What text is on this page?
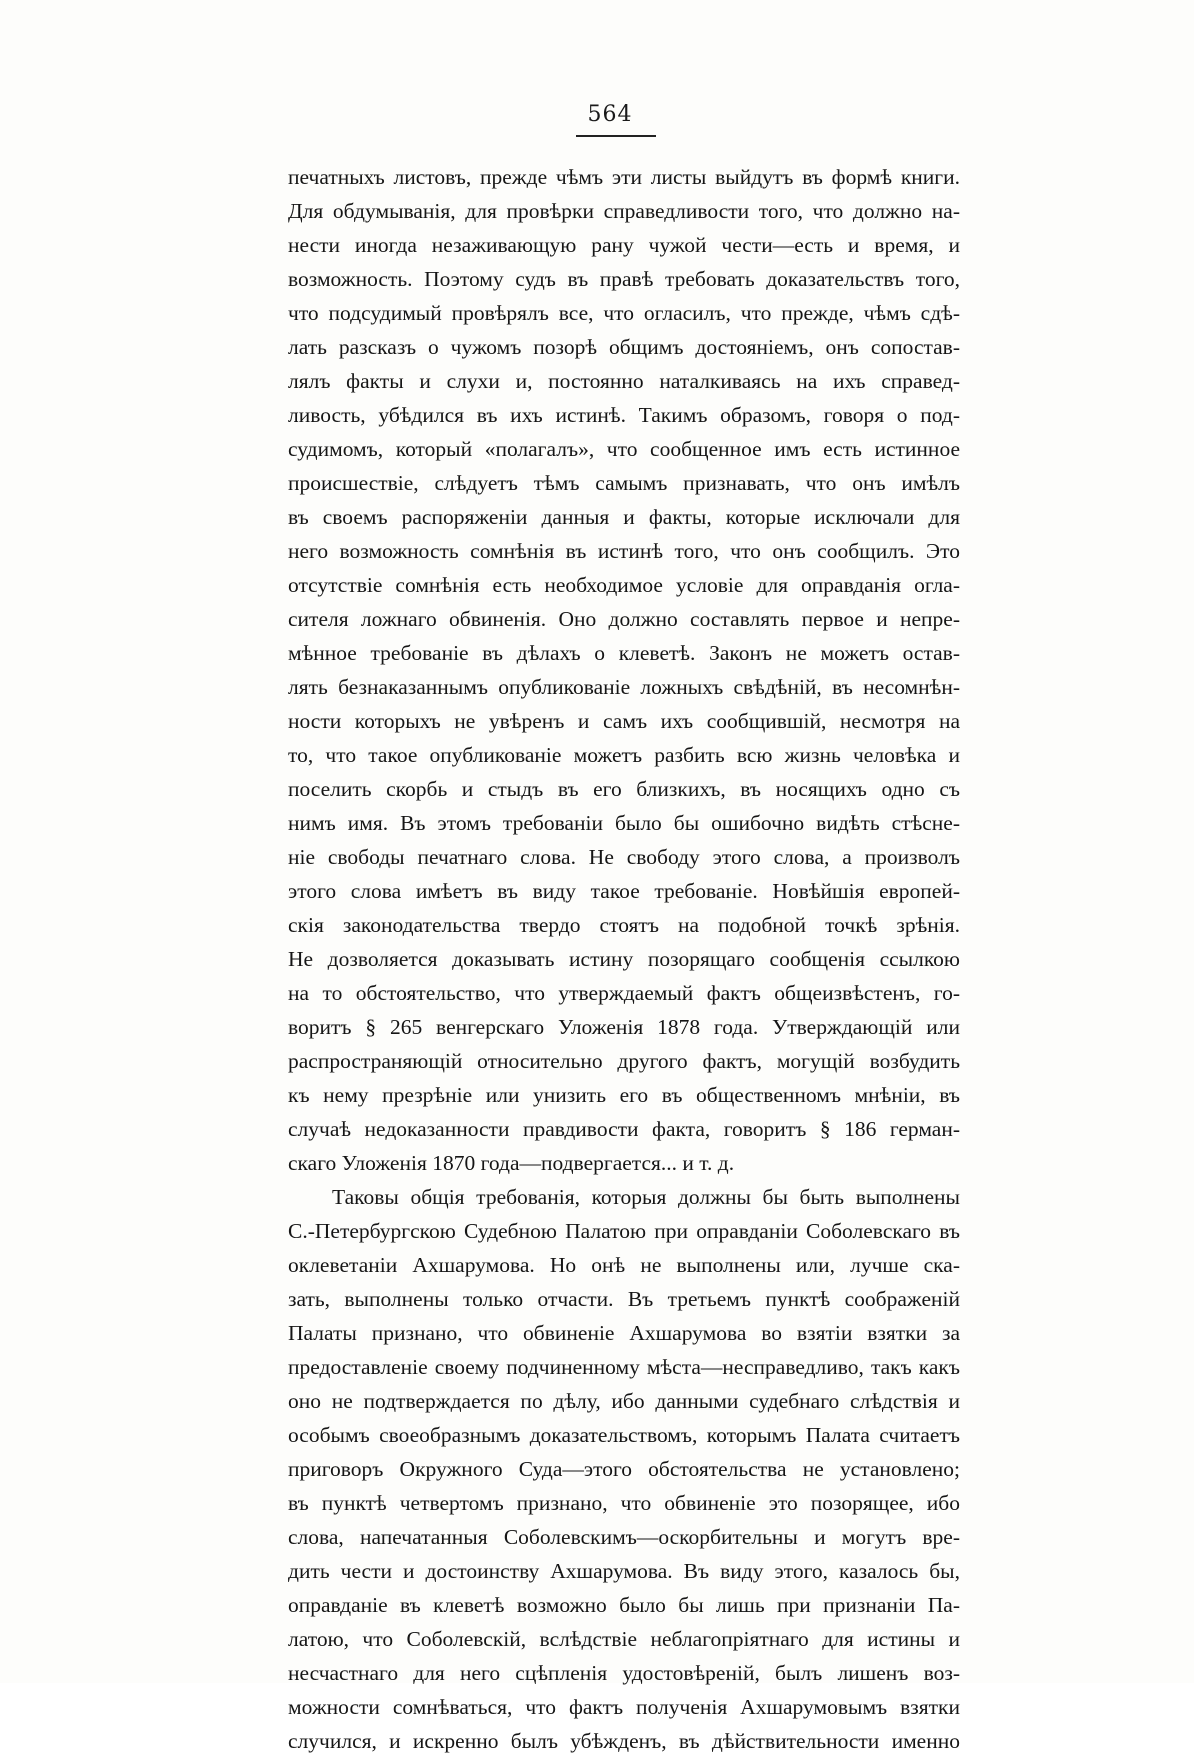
564
печатныхъ листовъ, прежде чѣмъ эти листы выйдутъ въ формѣ книги.
Для обдумыванія, для провѣрки справедливости того, что должно на-
нести иногда незаживающую рану чужой чести—есть и время, и
возможность. Поэтому судъ въ правѣ требовать доказательствъ того,
что подсудимый провѣрялъ все, что огласилъ, что прежде, чѣмъ сдѣ-
лать разсказъ о чужомъ позорѣ общимъ достояніемъ, онъ сопостав-
лялъ факты и слухи и, постоянно наталкиваясь на ихъ справед-
ливость, убѣдился въ ихъ истинѣ. Такимъ образомъ, говоря о под-
судимомъ, который «полагалъ», что сообщенное имъ есть истинное
происшествіе, слѣдуетъ тѣмъ самымъ признавать, что онъ имѣлъ
въ своемъ распоряженіи данныя и факты, которые исключали для
него возможность сомнѣнія въ истинѣ того, что онъ сообщилъ. Это
отсутствіе сомнѣнія есть необходимое условіе для оправданія огла-
сителя ложнаго обвиненія. Оно должно составлять первое и непре-
мѣнное требованіе въ дѣлахъ о клеветѣ. Законъ не можетъ остав-
лять безнаказаннымъ опубликованіе ложныхъ свѣдѣній, въ несомнѣн-
ности которыхъ не увѣренъ и самъ ихъ сообщившій, несмотря на
то, что такое опубликованіе можетъ разбить всю жизнь человѣка и
поселить скорбь и стыдъ въ его близкихъ, въ носящихъ одно съ
нимъ имя. Въ этомъ требованіи было бы ошибочно видѣть стѣсне-
ніе свободы печатнаго слова. Не свободу этого слова, а произволъ
этого слова имѣетъ въ виду такое требованіе. Новѣйшія европей-
скія законодательства твердо стоятъ на подобной точкѣ зрѣнія.
Не дозволяется доказывать истину позорящаго сообщенія ссылкою
на то обстоятельство, что утверждаемый фактъ общеизвѣстенъ, го-
воритъ § 265 венгерскаго Уложенія 1878 года. Утверждающій или
распространяющій относительно другого фактъ, могущій возбудить
къ нему презрѣніе или унизить его въ общественномъ мнѣніи, въ
случаѣ недоказанности правдивости факта, говоритъ § 186 герман-
скаго Уложенія 1870 года—подвергается... и т. д.
Таковы общія требованія, которыя должны бы быть выполнены
С.-Петербургскою Судебною Палатою при оправданіи Соболевскаго въ
оклеветаніи Ахшарумова. Но онѣ не выполнены или, лучше ска-
зать, выполнены только отчасти. Въ третьемъ пунктѣ соображеній
Палаты признано, что обвиненіе Ахшарумова во взятіи взятки за
предоставленіе своему подчиненному мѣста—несправедливо, такъ какъ
оно не подтверждается по дѣлу, ибо данными судебнаго слѣдствія и
особымъ своеобразнымъ доказательствомъ, которымъ Палата считаетъ
приговоръ Окружного Суда—этого обстоятельства не установлено;
въ пунктѣ четвертомъ признано, что обвиненіе это позорящее, ибо
слова, напечатанныя Соболевскимъ—оскорбительны и могутъ вре-
дить чести и достоинству Ахшарумова. Въ виду этого, казалось бы,
оправданіе въ клеветѣ возможно было бы лишь при признаніи Па-
латою, что Соболевскій, вслѣдствіе неблагопріятнаго для истины и
несчастнаго для него сцѣпленія удостовѣреній, былъ лишенъ воз-
можности сомнѣваться, что фактъ полученія Ахшарумовымъ взятки
случился, и искренно былъ убѣжденъ, въ дѣйствительности именно
